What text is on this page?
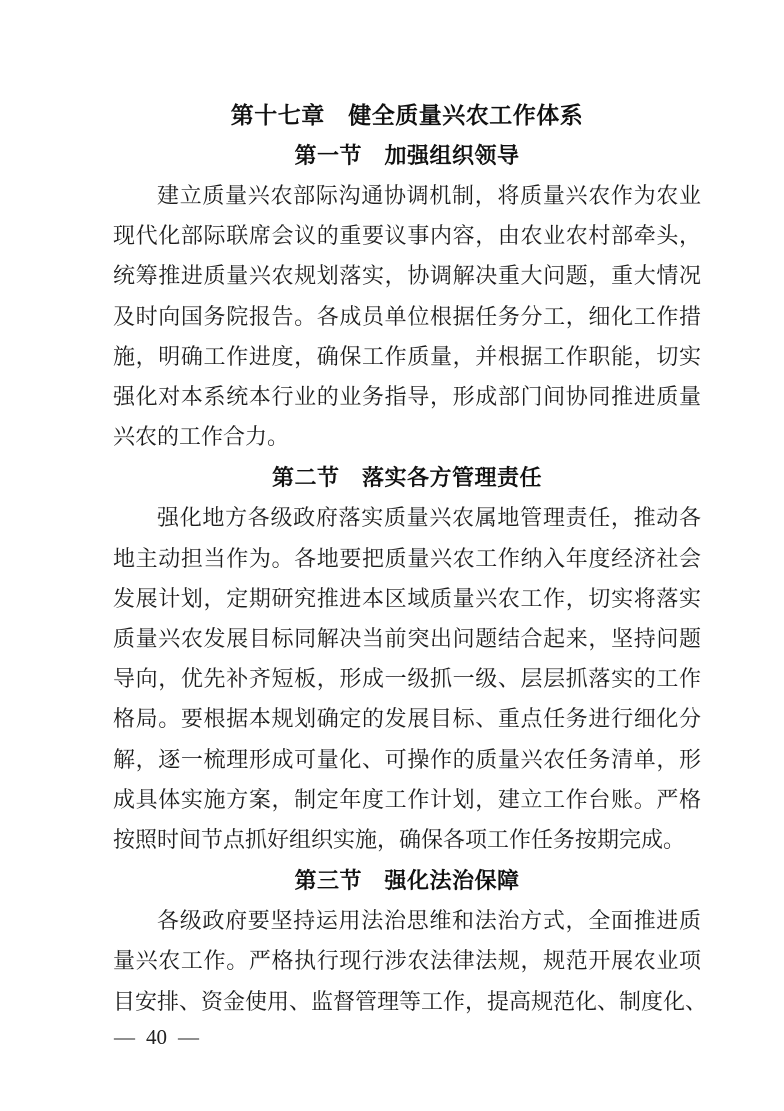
第十七章　健全质量兴农工作体系
第一节　加强组织领导
建立质量兴农部际沟通协调机制，将质量兴农作为农业
现代化部际联席会议的重要议事内容，由农业农村部牵头，
统筹推进质量兴农规划落实，协调解决重大问题，重大情况
及时向国务院报告。各成员单位根据任务分工，细化工作措
施，明确工作进度，确保工作质量，并根据工作职能，切实
强化对本系统本行业的业务指导，形成部门间协同推进质量
兴农的工作合力。
第二节　落实各方管理责任
强化地方各级政府落实质量兴农属地管理责任，推动各
地主动担当作为。各地要把质量兴农工作纳入年度经济社会
发展计划，定期研究推进本区域质量兴农工作，切实将落实
质量兴农发展目标同解决当前突出问题结合起来，坚持问题
导向，优先补齐短板，形成一级抓一级、层层抓落实的工作
格局。要根据本规划确定的发展目标、重点任务进行细化分
解，逐一梳理形成可量化、可操作的质量兴农任务清单，形
成具体实施方案，制定年度工作计划，建立工作台账。严格
按照时间节点抓好组织实施，确保各项工作任务按期完成。
第三节　强化法治保障
各级政府要坚持运用法治思维和法治方式，全面推进质
量兴农工作。严格执行现行涉农法律法规，规范开展农业项
目安排、资金使用、监督管理等工作，提高规范化、制度化、
— 40 —
